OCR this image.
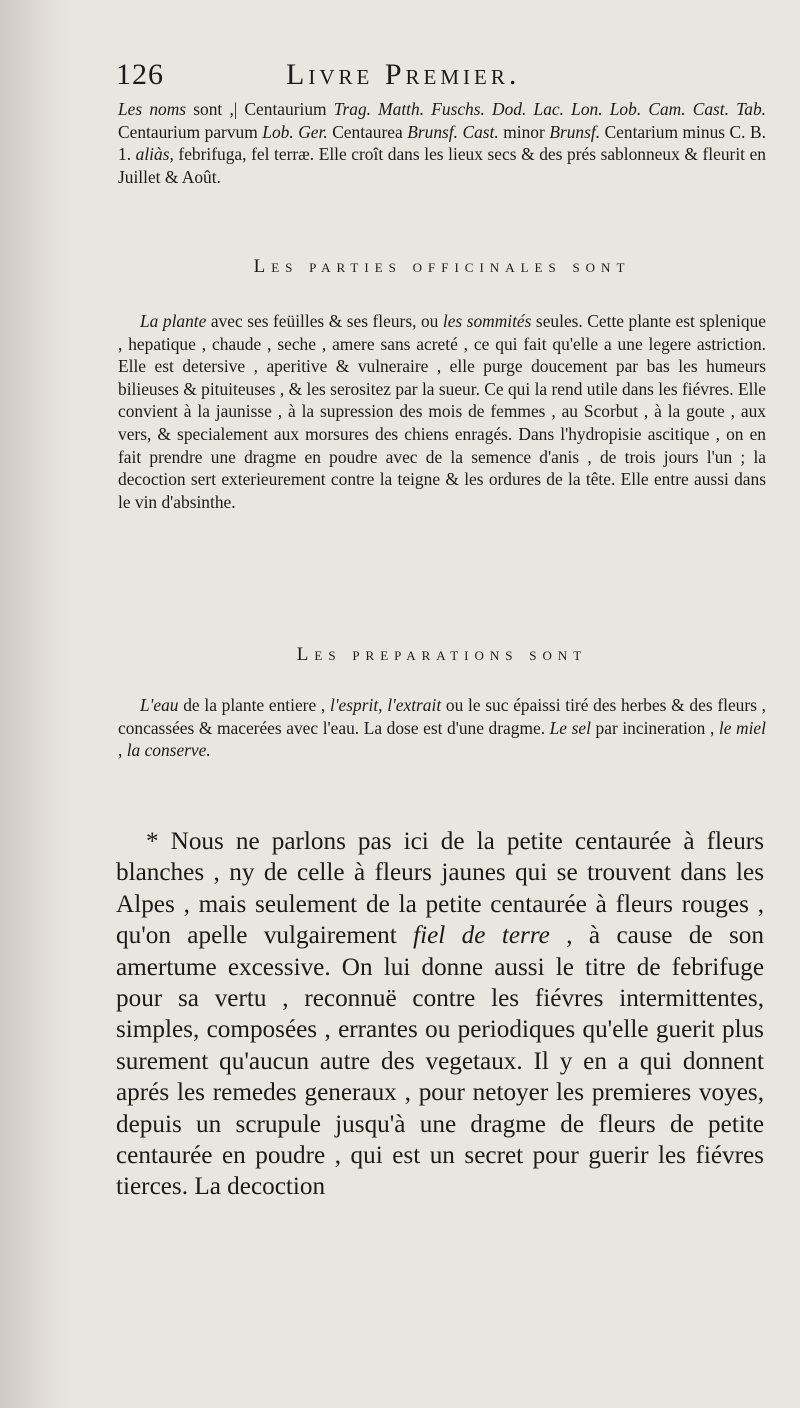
126	Livre Premier.

Les noms sont ,| Centaurium Trag. Matth. Fuschs. Dod. Lac. Lon. Lob. Cam. Cast. Tab. Centaurium parvum Lob. Ger. Centaurea Brunsf. Cast. minor Brunsf. Centarium minus C. B. 1. aliàs, febrifuga, fel terræ. Elle croît dans les lieux secs & des prés sablonneux & fleurit en Juillet & Août.

Les parties officinales sont

La plante avec ses feüilles & ses fleurs, ou les sommités seules. Cette plante est splenique , hepatique , chaude , seche , amere sans acreté , ce qui fait qu'elle a une legere astriction. Elle est detersive , aperitive & vulneraire , elle purge doucement par bas les humeurs bilieuses & pituiteuses , & les serositez par la sueur. Ce qui la rend utile dans les fiévres. Elle convient à la jaunisse , à la supression des mois de femmes , au Scorbut , à la goute , aux vers, & specialement aux morsures des chiens enragés. Dans l'hydropisie ascitique , on en fait prendre une dragme en poudre avec de la semence d'anis , de trois jours l'un ; la decoction sert exterieurement contre la teigne & les ordures de la tête. Elle entre aussi dans le vin d'absinthe.

Les preparations sont

L'eau de la plante entiere , l'esprit, l'extrait ou le suc épaissi tiré des herbes & des fleurs , concassées & macerées avec l'eau. La dose est d'une dragme. Le sel par incineration , le miel , la conserve.

* Nous ne parlons pas ici de la petite centaurée à fleurs blanches , ny de celle à fleurs jaunes qui se trouvent dans les Alpes , mais seulement de la petite centaurée à fleurs rouges , qu'on apelle vulgairement fiel de terre , à cause de son amertume excessive. On lui donne aussi le titre de febrifuge pour sa vertu , reconnuë contre les fiévres intermittentes, simples, composées , errantes ou periodiques qu'elle guerit plus surement qu'aucun autre des vegetaux. Il y en a qui donnent aprés les remedes generaux , pour netoyer les premieres voyes, depuis un scrupule jusqu'à une dragme de fleurs de petite centaurée en poudre , qui est un secret pour guerir les fiévres tierces. La decoction
